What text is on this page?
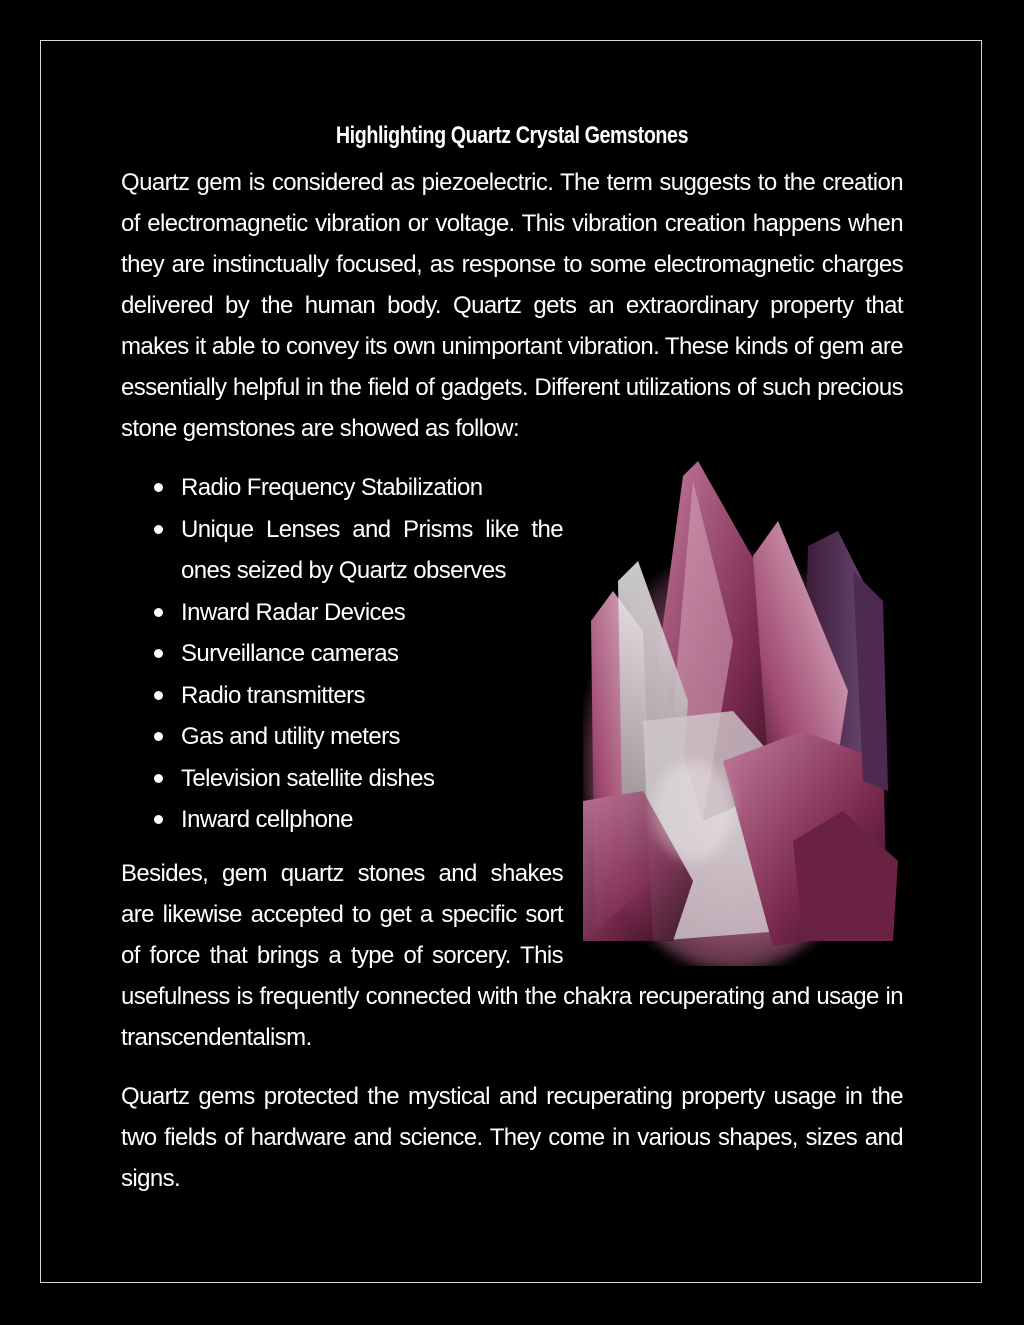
Highlighting Quartz Crystal Gemstones

Quartz gem is considered as piezoelectric. The term suggests to the creation of electromagnetic vibration or voltage. This vibration creation happens when they are instinctually focused, as response to some electromagnetic charges delivered by the human body. Quartz gets an extraordinary property that makes it able to convey its own unimportant vibration. These kinds of gem are essentially helpful in the field of gadgets. Different utilizations of such precious stone gemstones are showed as follow:

Radio Frequency Stabilization
Unique Lenses and Prisms like the ones seized by Quartz observes
Inward Radar Devices
Surveillance cameras
Radio transmitters
Gas and utility meters
Television satellite dishes
Inward cellphone

Besides, gem quartz stones and shakes are likewise accepted to get a specific sort of force that brings a type of sorcery. This usefulness is frequently connected with the chakra recuperating and usage in transcendentalism.

Quartz gems protected the mystical and recuperating property usage in the two fields of hardware and science. They come in various shapes, sizes and signs.
